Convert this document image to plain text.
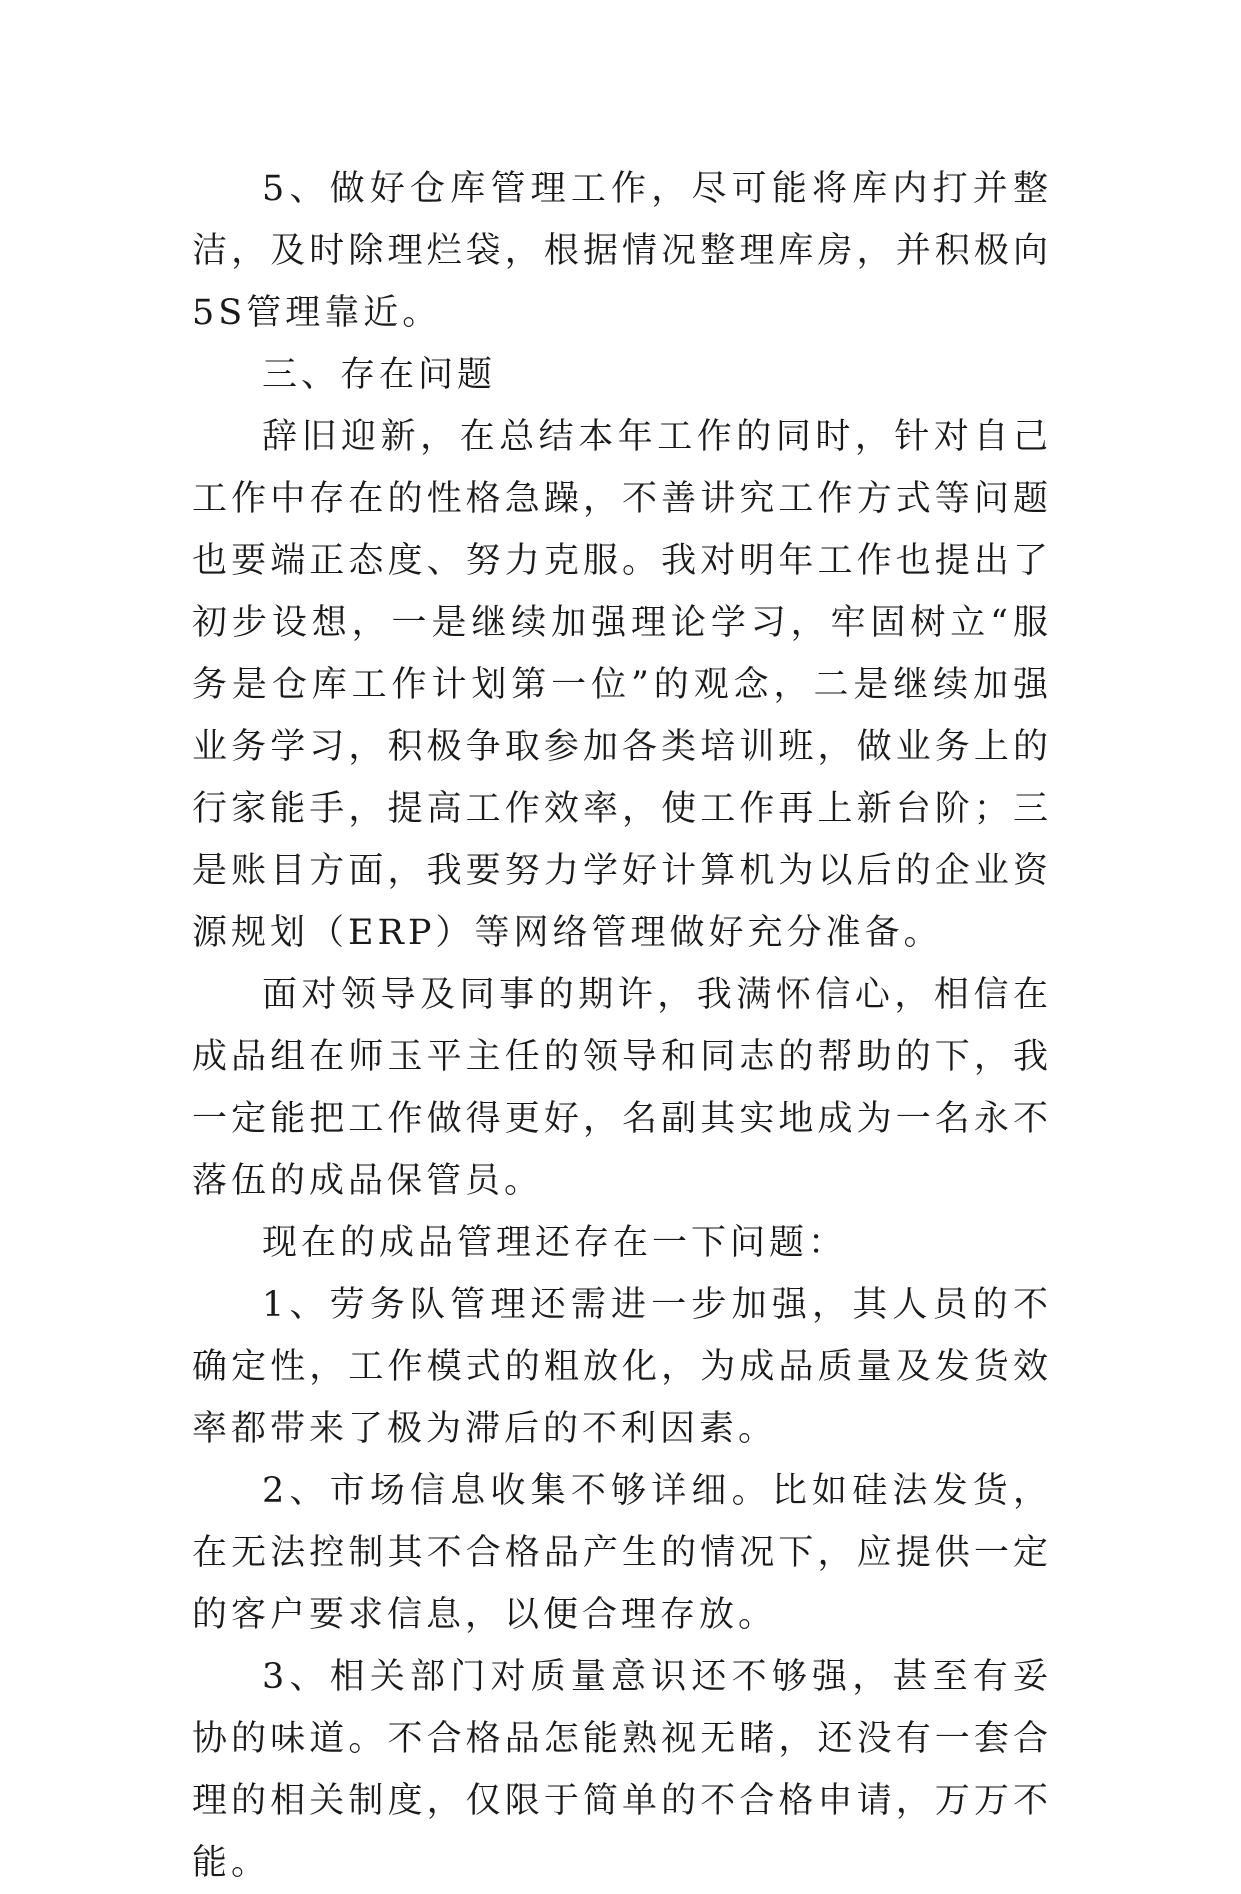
5、做好仓库管理工作，尽可能将库内打并整洁，及时除理烂袋，根据情况整理库房，并积极向5S管理靠近。

三、存在问题

辞旧迎新，在总结本年工作的同时，针对自己工作中存在的性格急躁，不善讲究工作方式等问题也要端正态度、努力克服。我对明年工作也提出了初步设想，一是继续加强理论学习，牢固树立“服务是仓库工作计划第一位”的观念，二是继续加强业务学习，积极争取参加各类培训班，做业务上的行家能手，提高工作效率，使工作再上新台阶；三是账目方面，我要努力学好计算机为以后的企业资源规划（ERP）等网络管理做好充分准备。

面对领导及同事的期许，我满怀信心，相信在成品组在师玉平主任的领导和同志的帮助的下，我一定能把工作做得更好，名副其实地成为一名永不落伍的成品保管员。

现在的成品管理还存在一下问题：

1、劳务队管理还需进一步加强，其人员的不确定性，工作模式的粗放化，为成品质量及发货效率都带来了极为滞后的不利因素。

2、市场信息收集不够详细。比如硅法发货，在无法控制其不合格品产生的情况下，应提供一定的客户要求信息，以便合理存放。

3、相关部门对质量意识还不够强，甚至有妥协的味道。不合格品怎能熟视无睹，还没有一套合理的相关制度，仅限于简单的不合格申请，万万不能。
